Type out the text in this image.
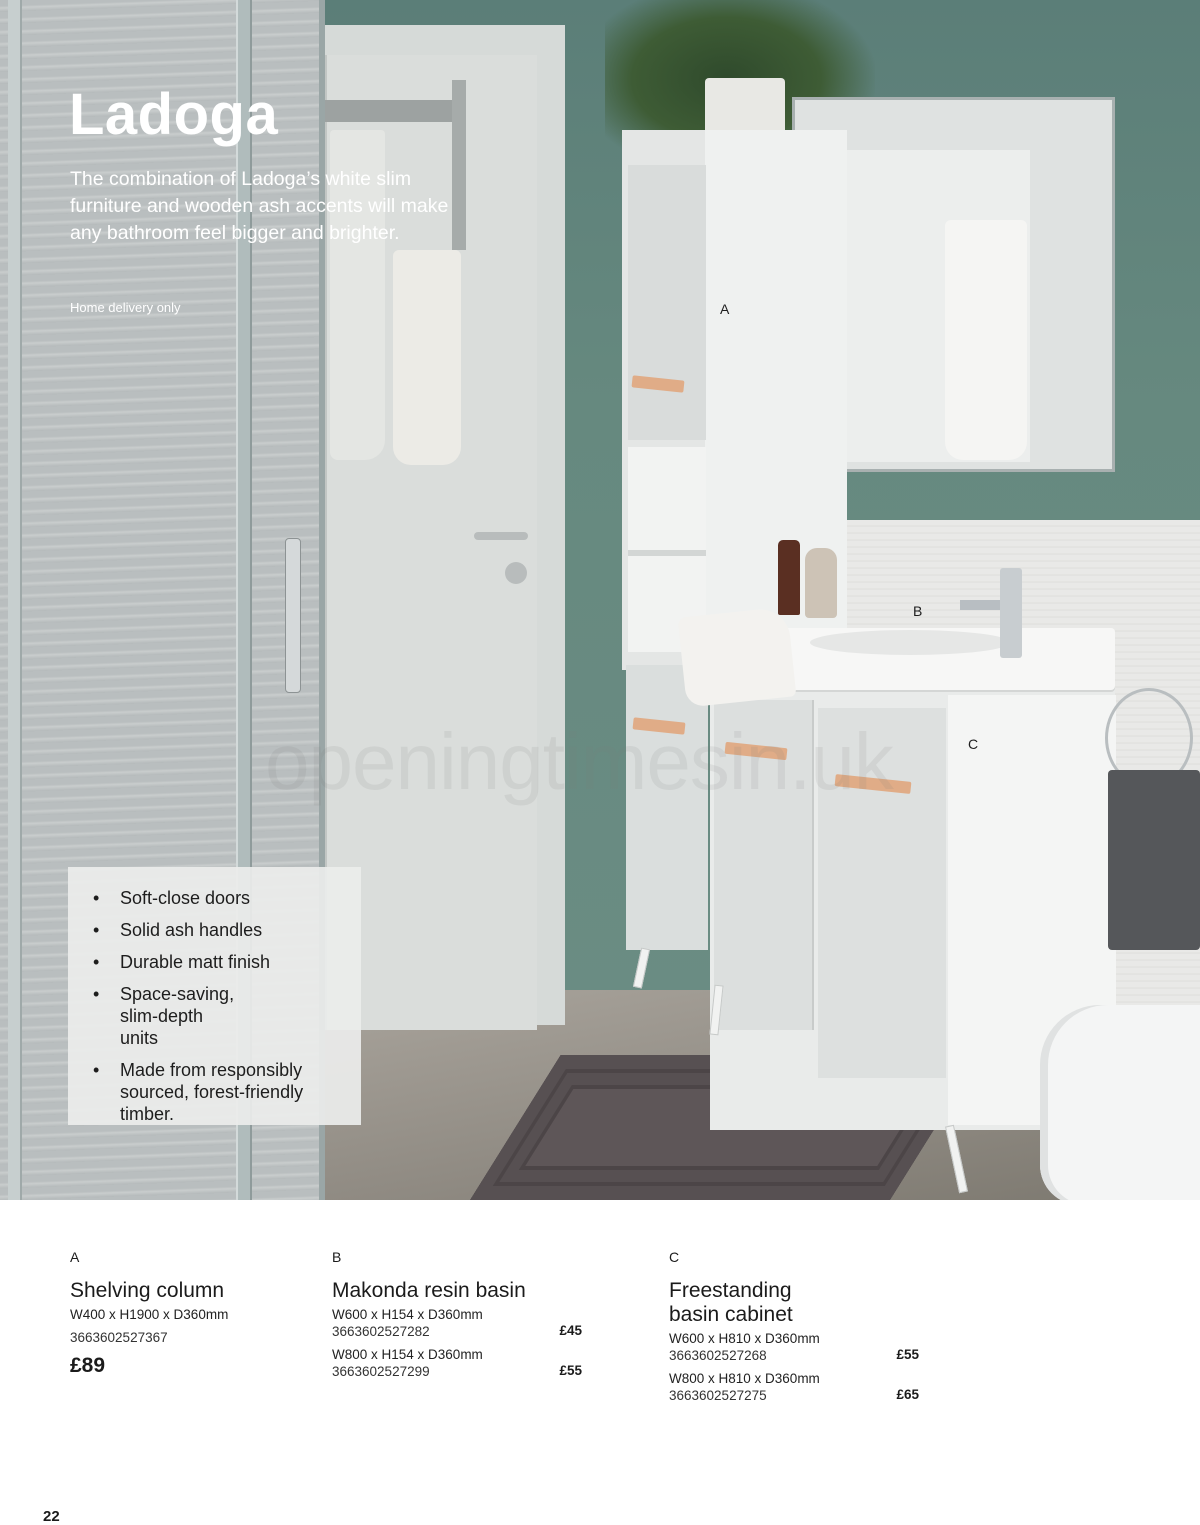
openingtimesin.uk
A
B
C
Ladoga

The combination of Ladoga’s white slim furniture and wooden ash accents will make any bathroom feel bigger and brighter.

Home delivery only

• Soft-close doors
• Solid ash handles
• Durable matt finish
• Space-saving, slim-depth units
• Made from responsibly sourced, forest-friendly timber.
A
Shelving column
W400 x H1900 x D360mm
3663602527367
£89
B
Makonda resin basin
W600 x H154 x D360mm
3663602527282	£45
W800 x H154 x D360mm
3663602527299	£55
C
Freestanding basin cabinet
W600 x H810 x D360mm
3663602527268	£55
W800 x H810 x D360mm
3663602527275	£65
22
